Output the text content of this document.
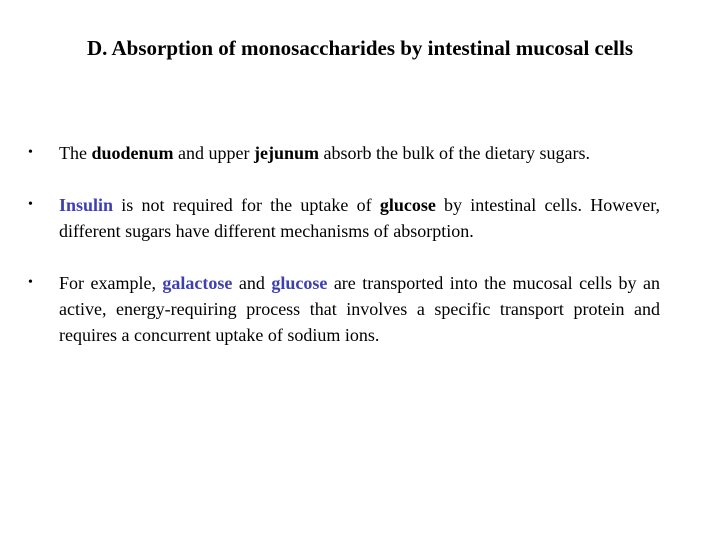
D. Absorption of monosaccharides by intestinal mucosal cells
• The duodenum and upper jejunum absorb the bulk of the dietary sugars.
• Insulin is not required for the uptake of glucose by intestinal cells. However, different sugars have different mechanisms of absorption.
• For example, galactose and glucose are transported into the mucosal cells by an active, energy-requiring process that involves a specific transport protein and requires a concurrent uptake of sodium ions.
